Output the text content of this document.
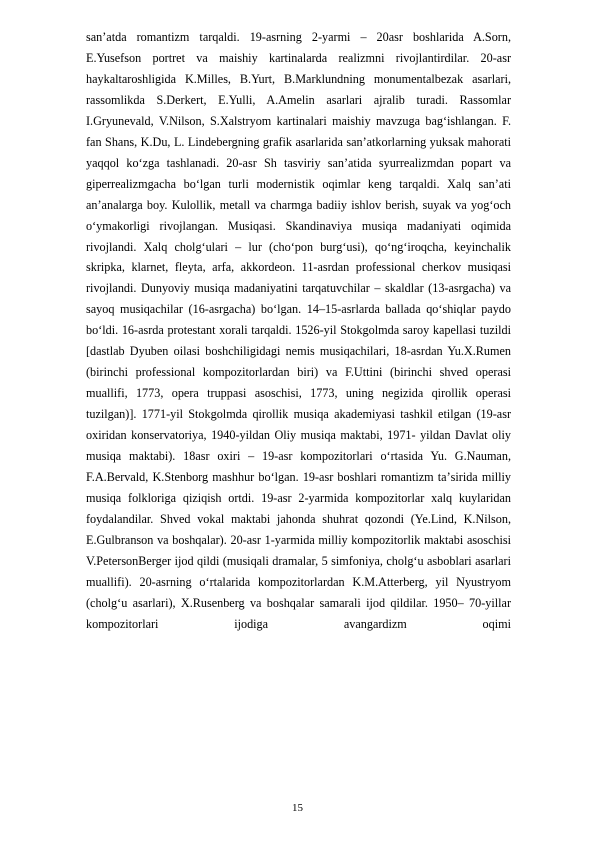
sanʼatda romantizm tarqaldi. 19-asrning 2-yarmi – 20asr boshlarida A.Sorn, E.Yusefson portret va maishiy kartinalarda realizmni rivojlantirdilar. 20-asr haykaltaroshligida K.Milles, B.Yurt, B.Marklundning monumentalbezak asarlari, rassomlikda S.Derkert, E.Yulli, A.Amelin asarlari ajralib turadi. Rassomlar I.Gryunevald, V.Nilson, S.Xalstryom kartinalari maishiy mavzuga bagʻishlangan. F. fan Shans, K.Du, L. Lindebergning grafik asarlarida sanʼatkorlarning yuksak mahorati yaqqol koʻzga tashlanadi. 20-asr Sh tasviriy sanʼatida syurrealizmdan popart va giperrealizmgacha boʻlgan turli modernistik oqimlar keng tarqaldi. Xalq sanʼati anʼanalarga boy. Kulollik, metall va charmga badiiy ishlov berish, suyak va yogʻoch oʻymakorligi rivojlangan. Musiqasi. Skandinaviya musiqa madaniyati oqimida rivojlandi. Xalq cholgʻulari – lur (choʻpon burgʻusi), qoʻngʻiroqcha, keyinchalik skripka, klarnet, fleyta, arfa, akkordeon. 11-asrdan professional cherkov musiqasi rivojlandi. Dunyoviy musiqa madaniyatini tarqatuvchilar – skaldlar (13-asrgacha) va sayoq musiqachilar (16-asrgacha) boʻlgan. 14–15-asrlarda ballada qoʻshiqlar paydo boʻldi. 16-asrda protestant xorali tarqaldi. 1526-yil Stokgolmda saroy kapellasi tuzildi [dastlab Dyuben oilasi boshchiligidagi nemis musiqachilari, 18-asrdan Yu.X.Rumen (birinchi professional kompozitorlardan biri) va F.Uttini (birinchi shved operasi muallifi, 1773, opera truppasi asoschisi, 1773, uning negizida qirollik operasi tuzilgan)]. 1771-yil Stokgolmda qirollik musiqa akademiyasi tashkil etilgan (19-asr oxiridan konservatoriya, 1940-yildan Oliy musiqa maktabi, 1971- yildan Davlat oliy musiqa maktabi). 18asr oxiri – 19-asr kompozitorlari oʻrtasida Yu. G.Nauman, F.A.Bervald, K.Stenborg mashhur boʻlgan. 19-asr boshlari romantizm taʼsirida milliy musiqa folkloriga qiziqish ortdi. 19-asr 2-yarmida kompozitorlar xalq kuylaridan foydalandilar. Shved vokal maktabi jahonda shuhrat qozondi (Ye.Lind, K.Nilson, E.Gulbranson va boshqalar). 20-asr 1-yarmida milliy kompozitorlik maktabi asoschisi V.PetersonBerger ijod qildi (musiqali dramalar, 5 simfoniya, cholgʻu asboblari asarlari muallifi). 20-asrning oʻrtalarida kompozitorlardan K.M.Atterberg, yil Nyustryom (cholgʻu asarlari), X.Rusenberg va boshqalar samarali ijod qildilar. 1950– 70-yillar kompozitorlari ijodiga avangardizm oqimi

15
